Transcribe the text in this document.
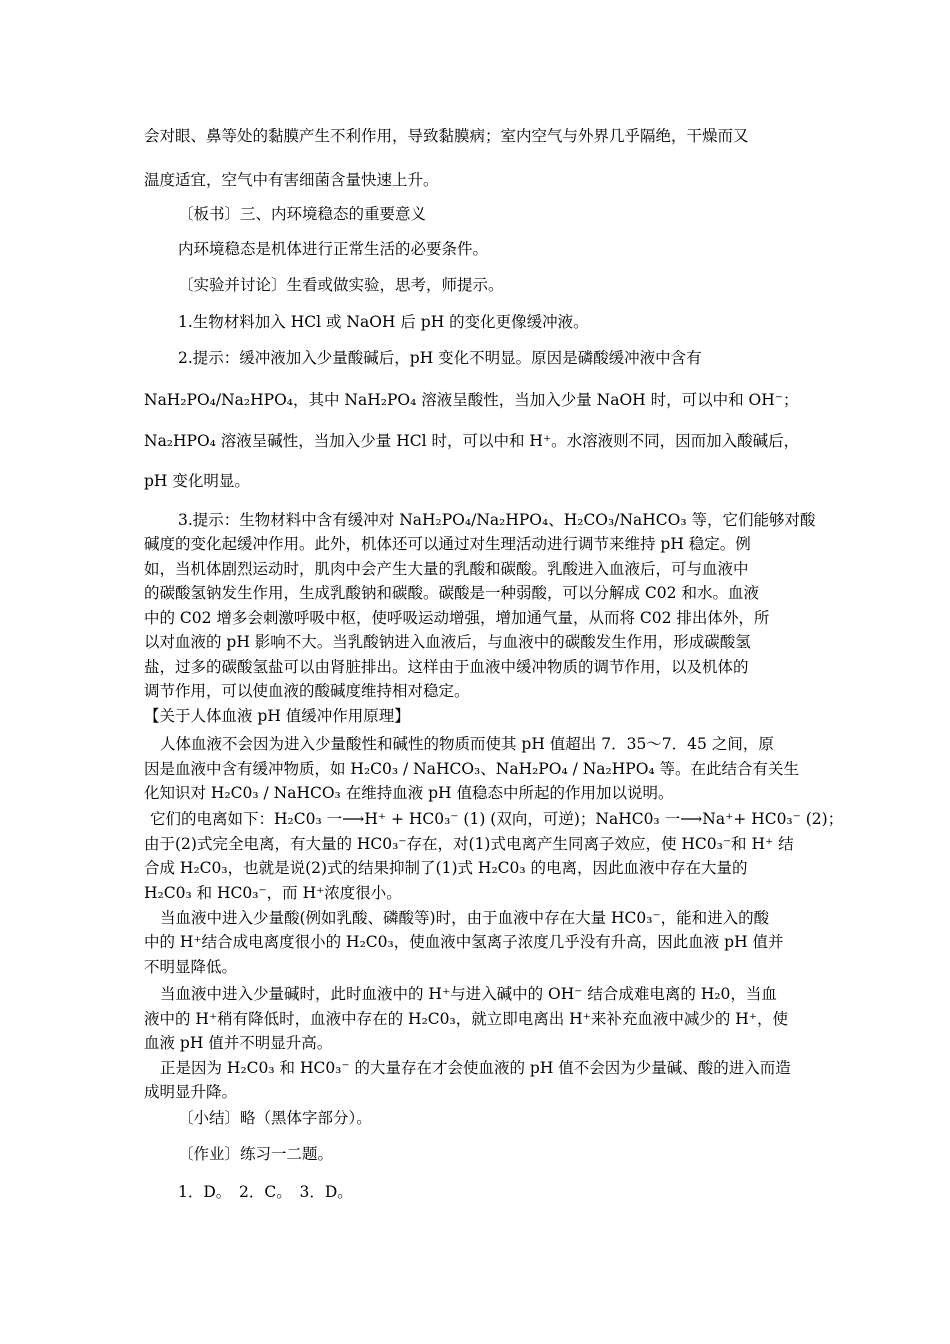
会对眼、鼻等处的黏膜产生不利作用，导致黏膜病；室内空气与外界几乎隔绝，干燥而又
温度适宜，空气中有害细菌含量快速上升。
〔板书〕三、内环境稳态的重要意义
内环境稳态是机体进行正常生活的必要条件。
〔实验并讨论〕生看或做实验，思考，师提示。
1.生物材料加入 HCl 或 NaOH 后 pH 的变化更像缓冲液。
2.提示：缓冲液加入少量酸碱后，pH 变化不明显。原因是磷酸缓冲液中含有
NaH₂PO₄/Na₂HPO₄，其中 NaH₂PO₄ 溶液呈酸性，当加入少量 NaOH 时，可以中和 OH⁻；
Na₂HPO₄ 溶液呈碱性，当加入少量 HCl 时，可以中和 H⁺。水溶液则不同，因而加入酸碱后，
pH 变化明显。
3.提示：生物材料中含有缓冲对 NaH₂PO₄/Na₂HPO₄、H₂CO₃/NaHCO₃ 等，它们能够对酸
碱度的变化起缓冲作用。此外，机体还可以通过对生理活动进行调节来维持 pH 稳定。例
如，当机体剧烈运动时，肌肉中会产生大量的乳酸和碳酸。乳酸进入血液后，可与血液中
的碳酸氢钠发生作用，生成乳酸钠和碳酸。碳酸是一种弱酸，可以分解成 C02 和水。血液
中的 C02 增多会刺激呼吸中枢，使呼吸运动增强，增加通气量，从而将 C02 排出体外，所
以对血液的 pH 影响不大。当乳酸钠进入血液后，与血液中的碳酸发生作用，形成碳酸氢
盐，过多的碳酸氢盐可以由肾脏排出。这样由于血液中缓冲物质的调节作用，以及机体的
调节作用，可以使血液的酸碱度维持相对稳定。
【关于人体血液 pH 值缓冲作用原理】
人体血液不会因为进入少量酸性和碱性的物质而使其 pH 值超出 7．35～7．45 之间，原
因是血液中含有缓冲物质，如 H₂C0₃ / NaHCO₃、NaH₂PO₄ / Na₂HPO₄ 等。在此结合有关生
化知识对 H₂C0₃ / NaHCO₃ 在维持血液 pH 值稳态中所起的作用加以说明。
它们的电离如下：H₂C0₃ 一⟶H⁺ + HC0₃⁻ (1) (双向，可逆)；NaHC0₃ 一⟶Na⁺+ HC0₃⁻ (2)；
由于(2)式完全电离，有大量的 HC0₃⁻存在，对(1)式电离产生同离子效应，使 HC0₃⁻和 H⁺ 结
合成 H₂C0₃，也就是说(2)式的结果抑制了(1)式 H₂C0₃ 的电离，因此血液中存在大量的
H₂C0₃ 和 HC0₃⁻，而 H⁺浓度很小。
当血液中进入少量酸(例如乳酸、磷酸等)时，由于血液中存在大量 HC0₃⁻，能和进入的酸
中的 H⁺结合成电离度很小的 H₂C0₃，使血液中氢离子浓度几乎没有升高，因此血液 pH 值并
不明显降低。
当血液中进入少量碱时，此时血液中的 H⁺与进入碱中的 OH⁻ 结合成难电离的 H₂0，当血
液中的 H⁺稍有降低时，血液中存在的 H₂C0₃，就立即电离出 H⁺来补充血液中减少的 H⁺，使
血液 pH 值并不明显升高。
正是因为 H₂C0₃ 和 HC0₃⁻ 的大量存在才会使血液的 pH 值不会因为少量碱、酸的进入而造
成明显升降。
〔小结〕略（黑体字部分）。
〔作业〕练习一二题。
1．D。　2．C。　3．D。
